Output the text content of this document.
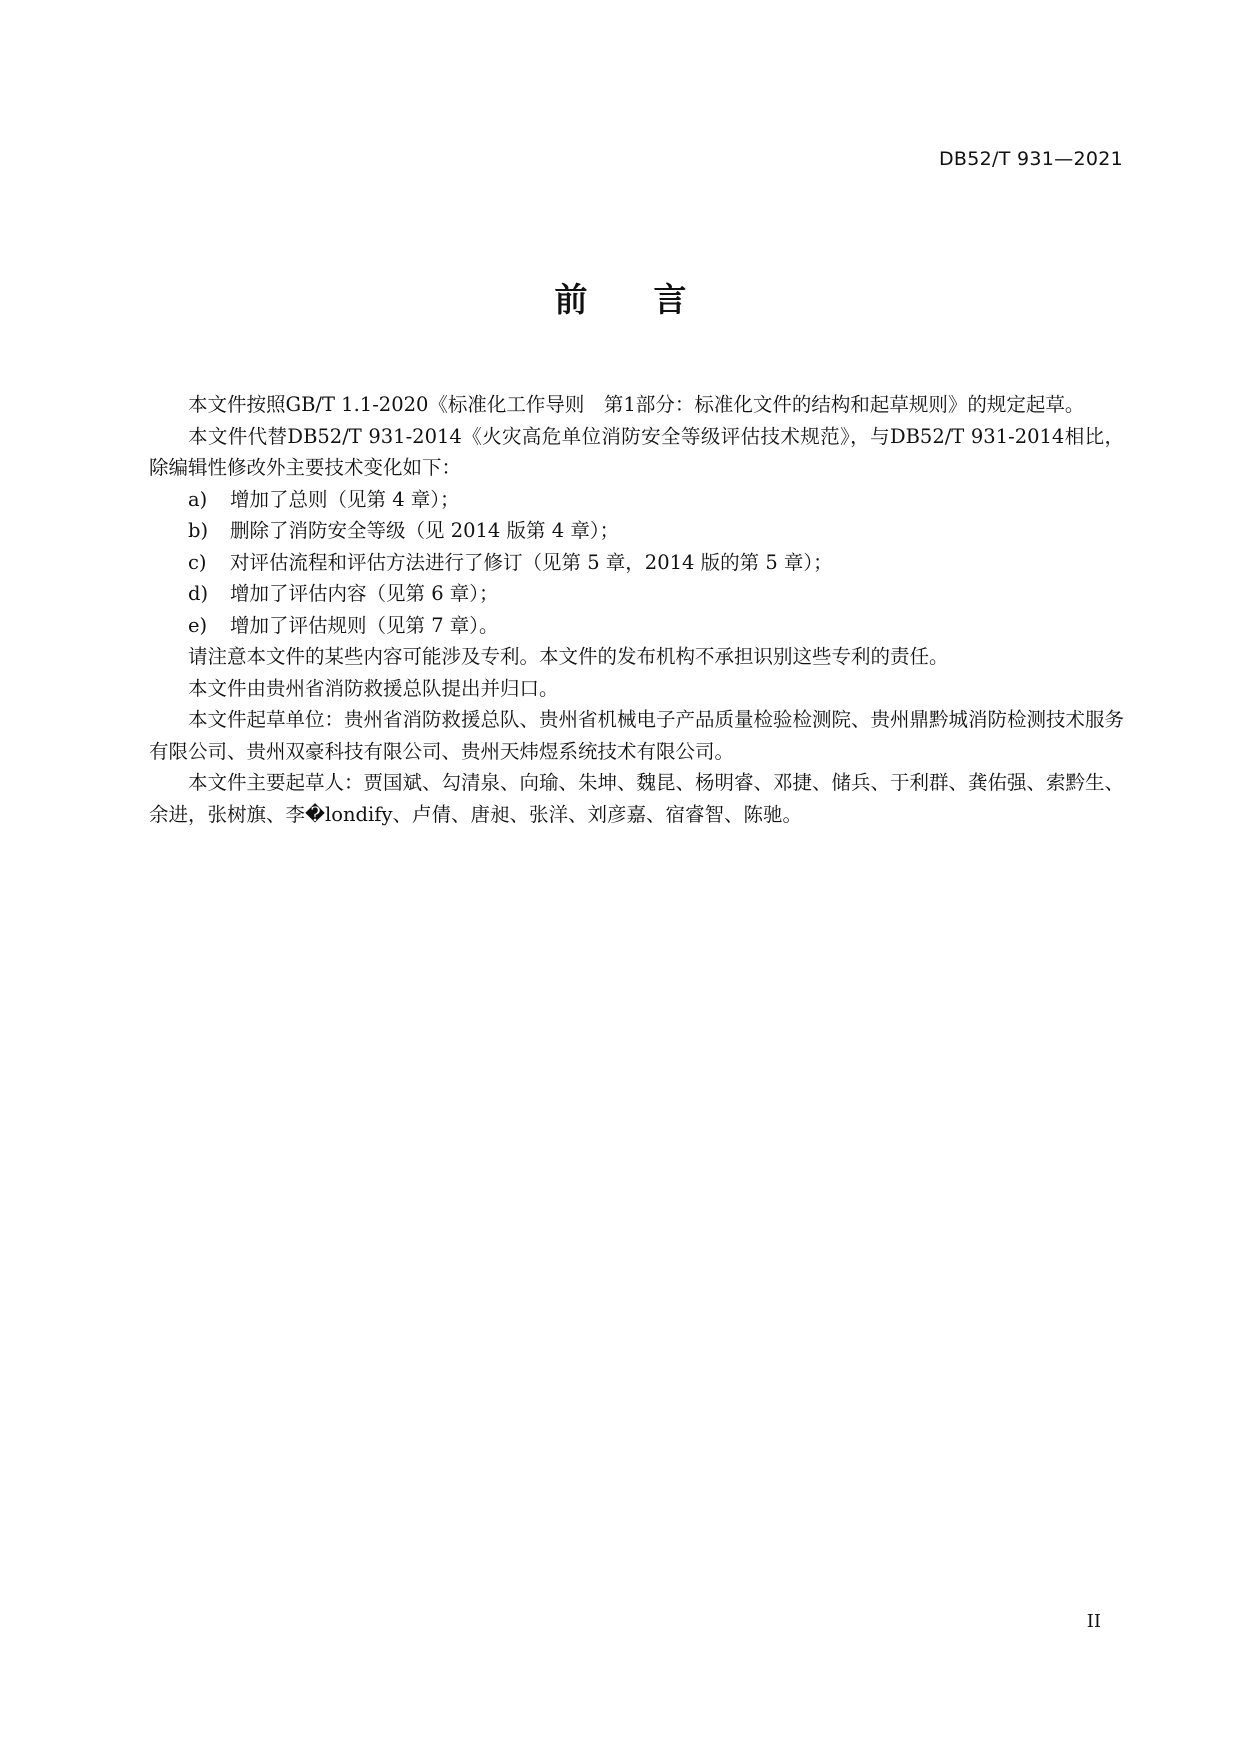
DB52/T 931—2021
前 言

本文件按照GB/T 1.1-2020《标准化工作导则　第1部分：标准化文件的结构和起草规则》的规定起草。

本文件代替DB52/T 931-2014《火灾高危单位消防安全等级评估技术规范》，与DB52/T 931-2014相比，除编辑性修改外主要技术变化如下：

a) 增加了总则（见第 4 章）；
b) 删除了消防安全等级（见 2014 版第 4 章）；
c) 对评估流程和评估方法进行了修订（见第 5 章，2014 版的第 5 章）；
d) 增加了评估内容（见第 6 章）；
e) 增加了评估规则（见第 7 章）。

请注意本文件的某些内容可能涉及专利。本文件的发布机构不承担识别这些专利的责任。

本文件由贵州省消防救援总队提出并归口。

本文件起草单位：贵州省消防救援总队、贵州省机械电子产品质量检验检测院、贵州鼎黔城消防检测技术服务有限公司、贵州双豪科技有限公司、贵州天炜煜系统技术有限公司。

本文件主要起草人：贾国斌、勾清泉、向瑜、朱坤、魏昆、杨明睿、邓捷、储兵、于利群、龚佑强、索黔生、余进，张树旗、李�londify、卢倩、唐昶、张洋、刘彦嘉、宿睿智、陈驰。

II
